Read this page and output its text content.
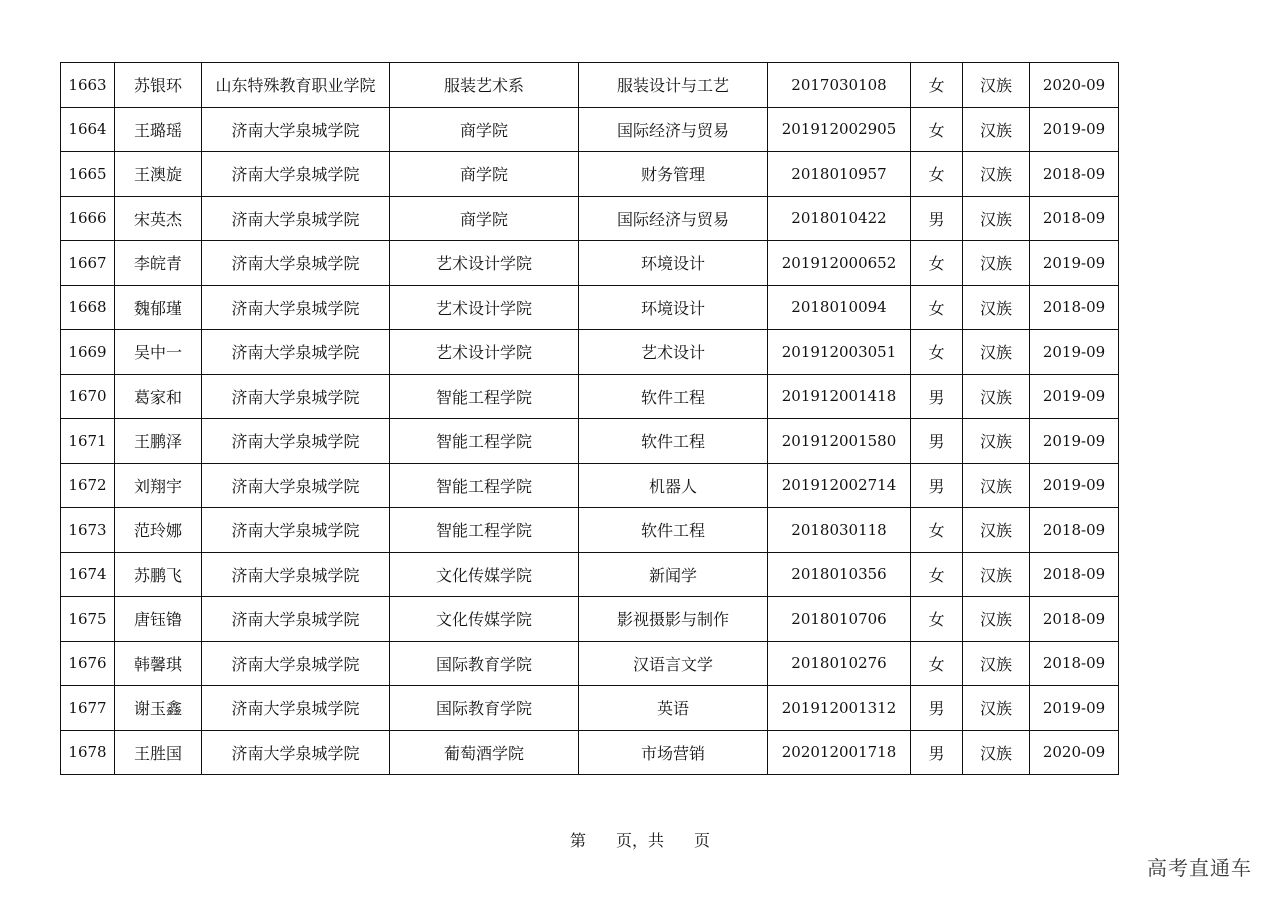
1663	苏银环	山东特殊教育职业学院	服装艺术系	服装设计与工艺	2017030108	女	汉族	2020-09
1664	王璐瑶	济南大学泉城学院	商学院	国际经济与贸易	201912002905	女	汉族	2019-09
1665	王澳旋	济南大学泉城学院	商学院	财务管理	2018010957	女	汉族	2018-09
1666	宋英杰	济南大学泉城学院	商学院	国际经济与贸易	2018010422	男	汉族	2018-09
1667	李皖青	济南大学泉城学院	艺术设计学院	环境设计	201912000652	女	汉族	2019-09
1668	魏郁瑾	济南大学泉城学院	艺术设计学院	环境设计	2018010094	女	汉族	2018-09
1669	吴中一	济南大学泉城学院	艺术设计学院	艺术设计	201912003051	女	汉族	2019-09
1670	葛家和	济南大学泉城学院	智能工程学院	软件工程	201912001418	男	汉族	2019-09
1671	王鹏泽	济南大学泉城学院	智能工程学院	软件工程	201912001580	男	汉族	2019-09
1672	刘翔宇	济南大学泉城学院	智能工程学院	机器人	201912002714	男	汉族	2019-09
1673	范玲娜	济南大学泉城学院	智能工程学院	软件工程	2018030118	女	汉族	2018-09
1674	苏鹏飞	济南大学泉城学院	文化传媒学院	新闻学	2018010356	女	汉族	2018-09
1675	唐钰镥	济南大学泉城学院	文化传媒学院	影视摄影与制作	2018010706	女	汉族	2018-09
1676	韩馨琪	济南大学泉城学院	国际教育学院	汉语言文学	2018010276	女	汉族	2018-09
1677	谢玉鑫	济南大学泉城学院	国际教育学院	英语	201912001312	男	汉族	2019-09
1678	王胜国	济南大学泉城学院	葡萄酒学院	市场营销	202012001718	男	汉族	2020-09
第 页，共 页
高考直通车
